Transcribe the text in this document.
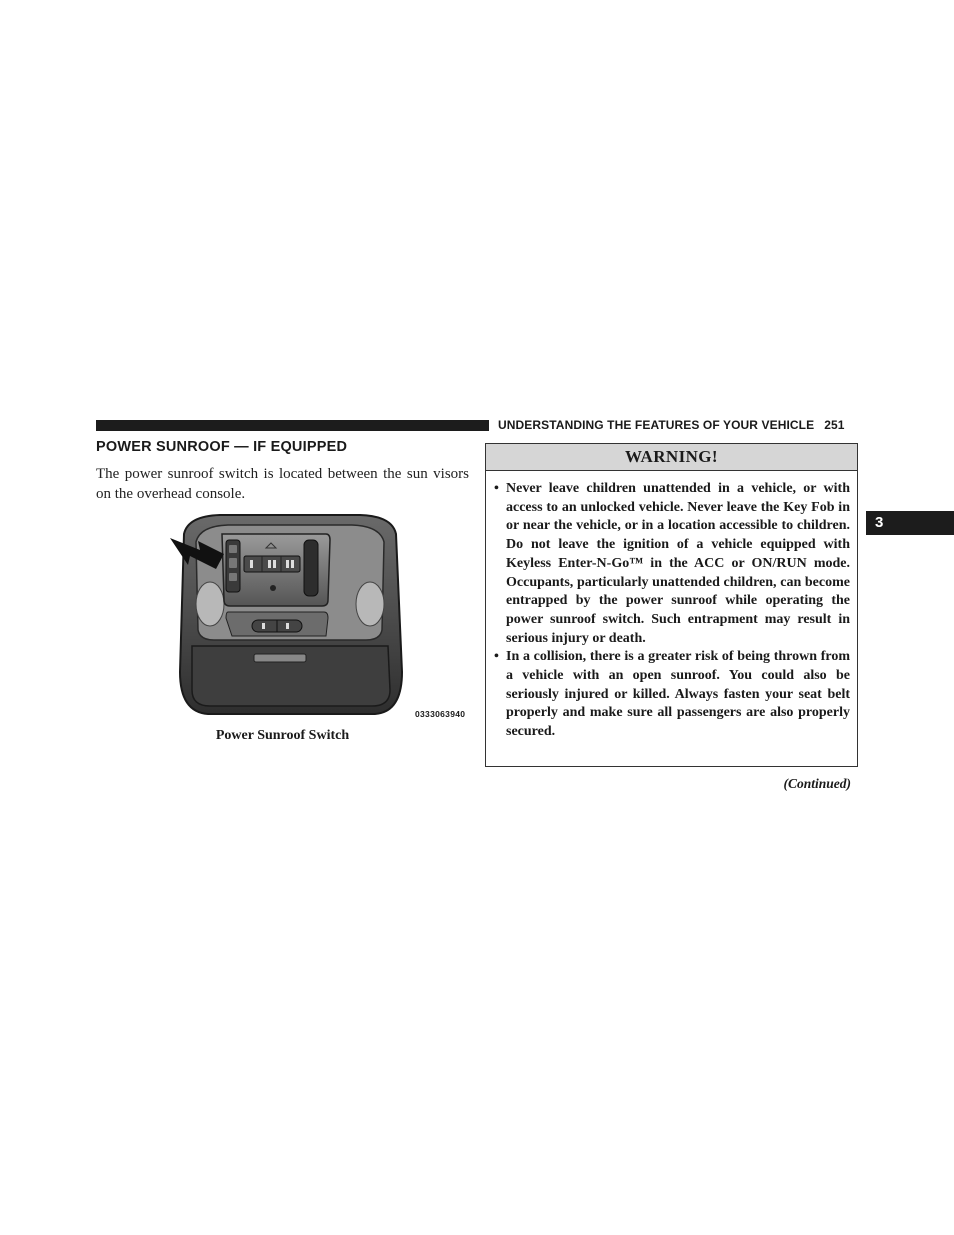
UNDERSTANDING THE FEATURES OF YOUR VEHICLE 251
3
POWER SUNROOF — IF EQUIPPED

The power sunroof switch is located between the sun visors on the overhead console.

0333063940
Power Sunroof Switch
WARNING!
• Never leave children unattended in a vehicle, or with access to an unlocked vehicle. Never leave the Key Fob in or near the vehicle, or in a location accessible to children. Do not leave the ignition of a vehicle equipped with Keyless Enter-N-Go™ in the ACC or ON/RUN mode. Occupants, particularly unattended children, can become entrapped by the power sunroof while operating the power sunroof switch. Such entrapment may result in serious injury or death.
• In a collision, there is a greater risk of being thrown from a vehicle with an open sunroof. You could also be seriously injured or killed. Always fasten your seat belt properly and make sure all passengers are also properly secured.
(Continued)
